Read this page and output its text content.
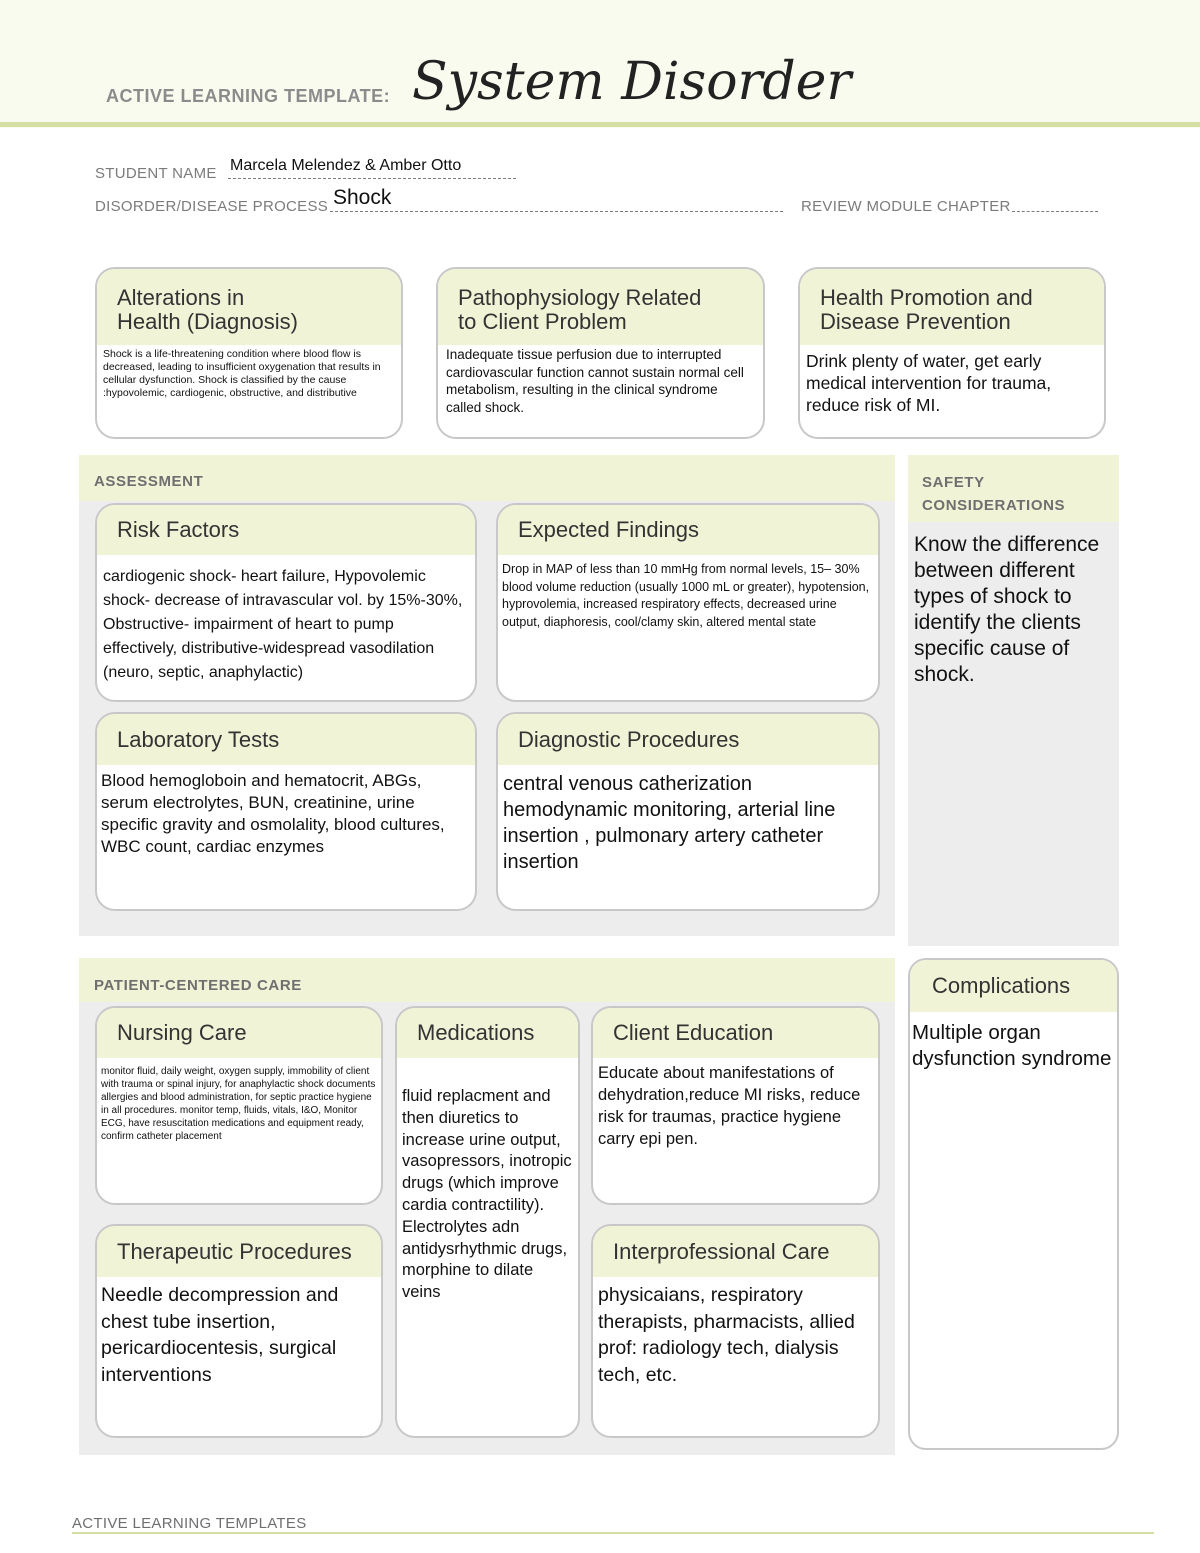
ACTIVE LEARNING TEMPLATE: System Disorder
STUDENT NAME Marcela Melendez & Amber Otto
DISORDER/DISEASE PROCESS Shock	REVIEW MODULE CHAPTER
Alterations in
Health (Diagnosis)
Shock is a life-threatening condition where blood flow is decreased, leading to insufficient oxygenation that results in cellular dysfunction. Shock is classified by the cause :hypovolemic, cardiogenic, obstructive, and distributive
Pathophysiology Related
to Client Problem
Inadequate tissue perfusion due to interrupted cardiovascular function cannot sustain normal cell metabolism, resulting in the clinical syndrome called shock.
Health Promotion and
Disease Prevention
Drink plenty of water, get early medical intervention for trauma, reduce risk of MI.
ASSESSMENT
Risk Factors
cardiogenic shock- heart failure, Hypovolemic shock- decrease of intravascular vol. by 15%-30%, Obstructive- impairment of heart to pump effectively, distributive-widespread vasodilation (neuro, septic, anaphylactic)
Expected Findings
Drop in MAP of less than 10 mmHg from normal levels, 15– 30% blood volume reduction (usually 1000 mL or greater), hypotension, hyprovolemia, increased respiratory effects, decreased urine output, diaphoresis, cool/clamy skin, altered mental state
Laboratory Tests
Blood hemogloboin and hematocrit, ABGs, serum electrolytes, BUN, creatinine, urine specific gravity and osmolality, blood cultures, WBC count, cardiac enzymes
Diagnostic Procedures
central venous catherization hemodynamic monitoring, arterial line insertion , pulmonary artery catheter insertion
SAFETY
CONSIDERATIONS
Know the difference between different types of shock to identify the clients specific cause of shock.
PATIENT-CENTERED CARE
Nursing Care
monitor fluid, daily weight, oxygen supply, immobility of client with trauma or spinal injury, for anaphylactic shock documents allergies and blood administration, for septic practice hygiene in all procedures. monitor temp, fluids, vitals, I&O, Monitor ECG, have resuscitation medications and equipment ready, confirm catheter placement
Medications
fluid replacment and then diuretics to increase urine output, vasopressors, inotropic drugs (which improve cardia contractility). Electrolytes adn antidysrhythmic drugs, morphine to dilate veins
Client Education
Educate about manifestations of dehydration,reduce MI risks, reduce risk for traumas, practice hygiene carry epi pen.
Therapeutic Procedures
Needle decompression and chest tube insertion, pericardiocentesis, surgical interventions
Interprofessional Care
physicaians, respiratory therapists, pharmacists, allied prof: radiology tech, dialysis tech, etc.
Complications
Multiple organ dysfunction syndrome
ACTIVE LEARNING TEMPLATES
